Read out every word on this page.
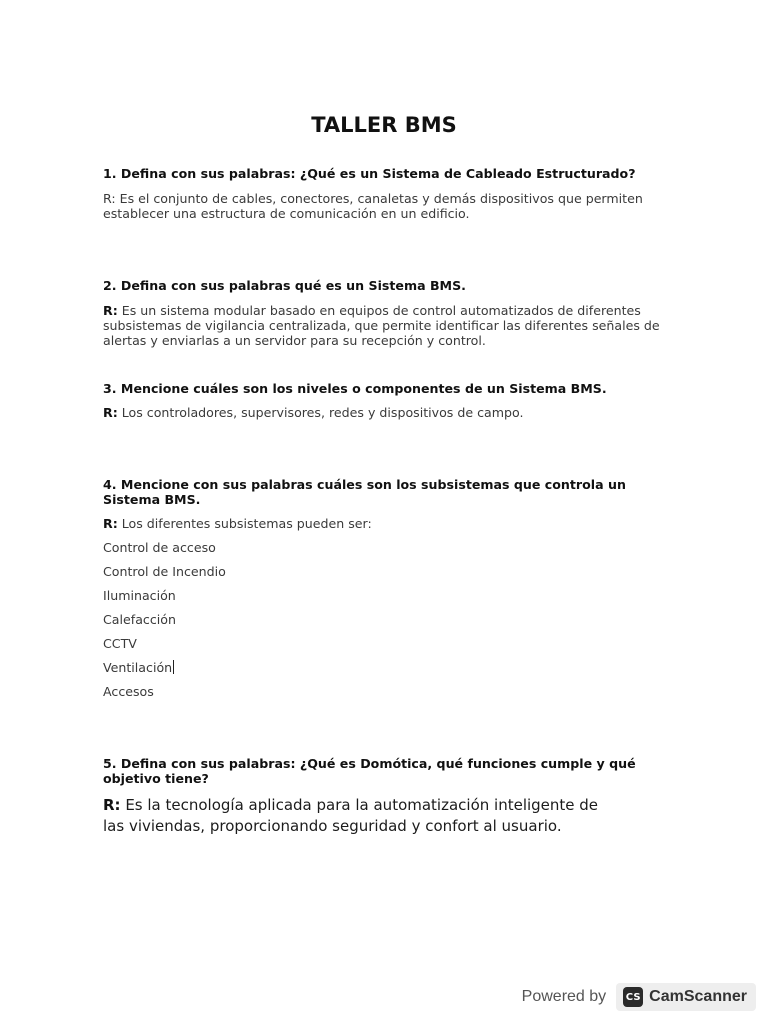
TALLER BMS
1. Defina con sus palabras: ¿Qué es un Sistema de Cableado Estructurado?
R: Es el conjunto de cables, conectores, canaletas y demás dispositivos que permiten establecer una estructura de comunicación en un edificio.
2. Defina con sus palabras qué es un Sistema BMS.
R: Es un sistema modular basado en equipos de control automatizados de diferentes subsistemas de vigilancia centralizada, que permite identificar las diferentes señales de alertas y enviarlas a un servidor para su recepción y control.
3. Mencione cuáles son los niveles o componentes de un Sistema BMS.
R: Los controladores, supervisores, redes y dispositivos de campo.
4. Mencione con sus palabras cuáles son los subsistemas que controla un Sistema BMS.
R: Los diferentes subsistemas pueden ser:
Control de acceso
Control de Incendio
Iluminación
Calefacción
CCTV
Ventilación
Accesos
5. Defina con sus palabras: ¿Qué es Domótica, qué funciones cumple y qué objetivo tiene?
R: Es la tecnología aplicada para la automatización inteligente de las viviendas, proporcionando seguridad y confort al usuario.
Powered by CS CamScanner
